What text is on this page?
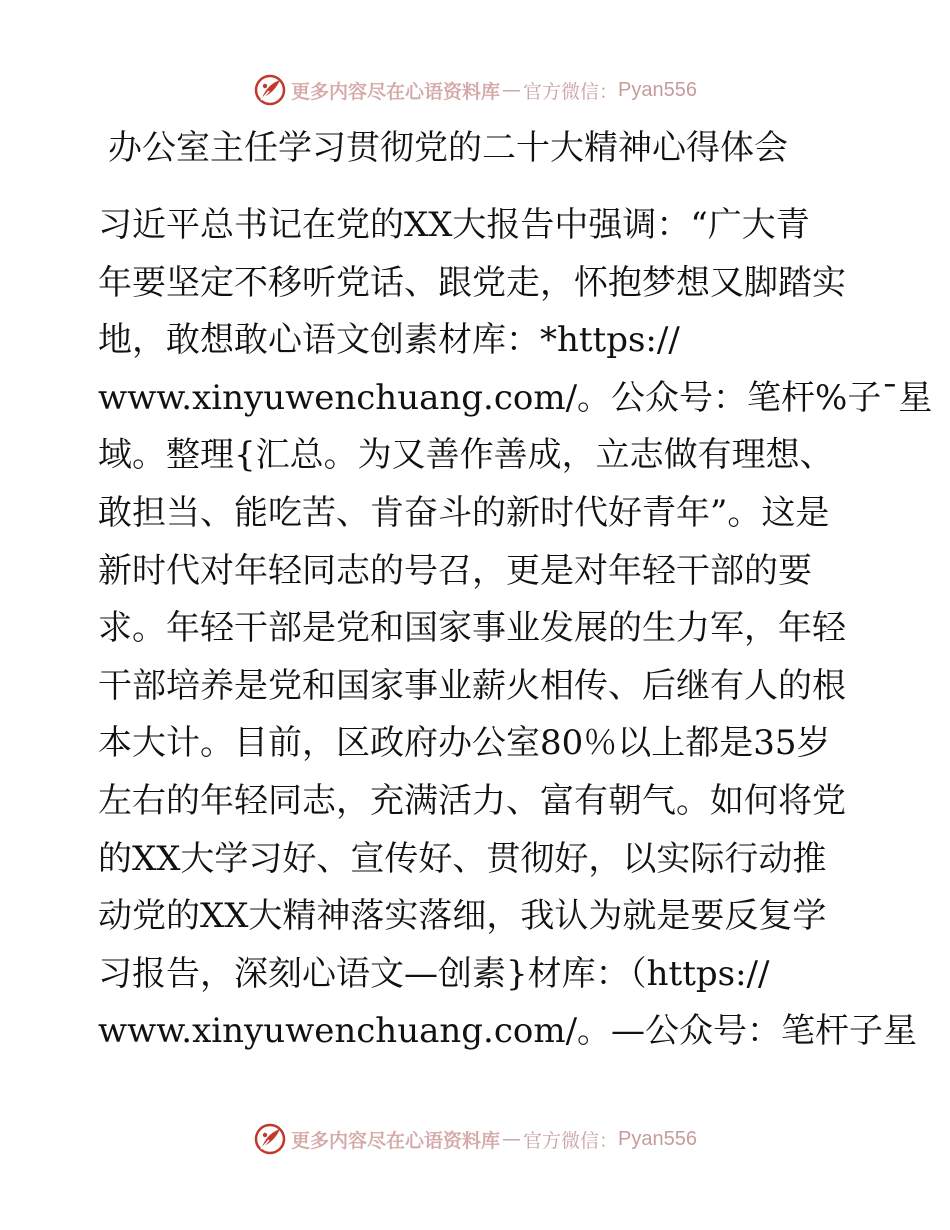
更多内容尽在心语资料库 — 官方微信： Pyan556
办公室主任学习贯彻党的二十大精神心得体会
习近平总书记在党的XX大报告中强调：“广大青
年要坚定不移听党话、跟党走，怀抱梦想又脚踏实
地，敢想敢心语文创素材库：*https://
www.xinyuwenchuang.com/。公众号：笔杆%子¯星
域。整理{汇总。为又善作善成，立志做有理想、
敢担当、能吃苦、肯奋斗的新时代好青年”。这是
新时代对年轻同志的号召，更是对年轻干部的要
求。年轻干部是党和国家事业发展的生力军，年轻
干部培养是党和国家事业薪火相传、后继有人的根
本大计。目前，区政府办公室80％以上都是35岁
左右的年轻同志，充满活力、富有朝气。如何将党
的XX大学习好、宣传好、贯彻好，以实际行动推
动党的XX大精神落实落细，我认为就是要反复学
习报告，深刻心语文—创素}材库：（https://
www.xinyuwenchuang.com/。—公众号：笔杆子星
更多内容尽在心语资料库 — 官方微信： Pyan556
